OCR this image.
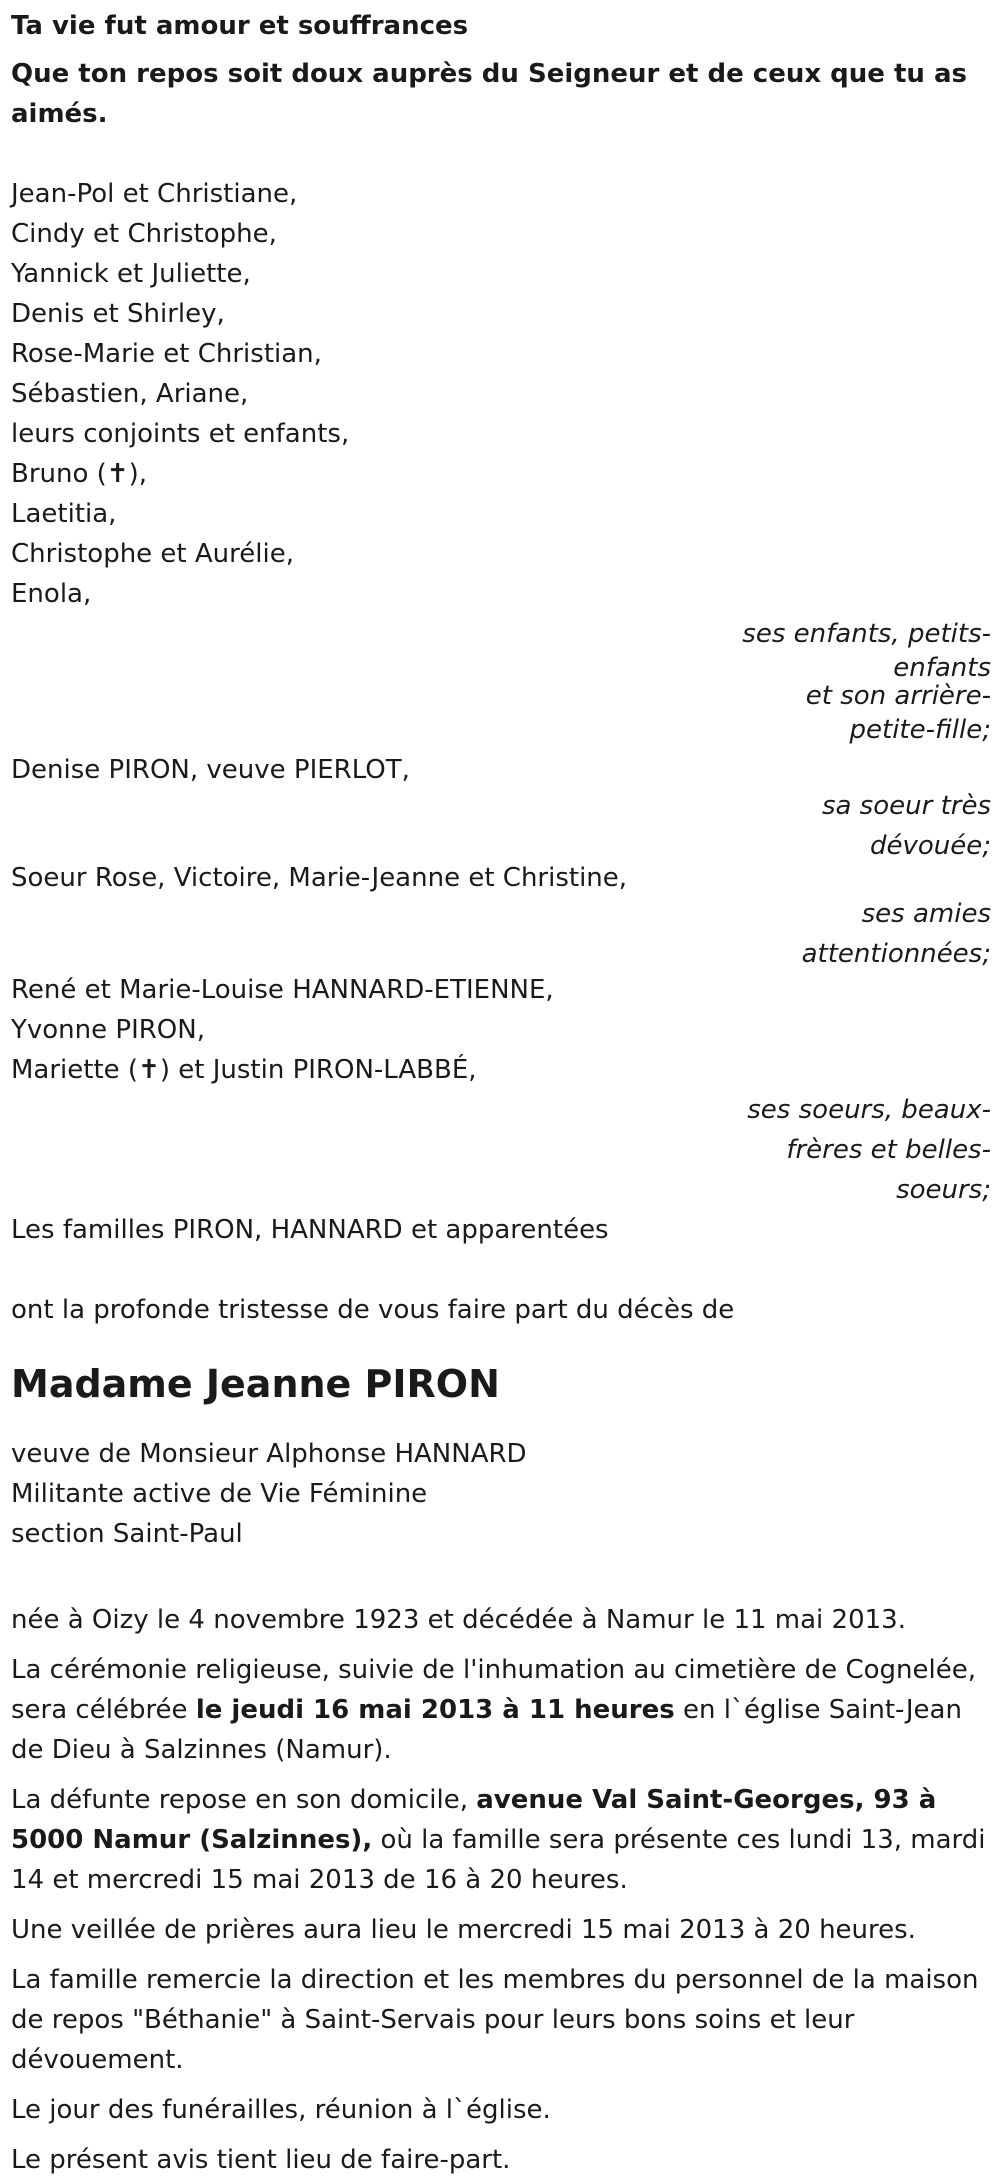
Ta vie fut amour et souffrances

Que ton repos soit doux auprès du Seigneur et de ceux que tu as
aimés.

Jean-Pol et Christiane,
Cindy et Christophe,
Yannick et Juliette,
Denis et Shirley,
Rose-Marie et Christian,
Sébastien, Ariane,
leurs conjoints et enfants,
Bruno (✝),
Laetitia,
Christophe et Aurélie,
Enola,
ses enfants, petits-
enfants
et son arrière-
petite-fille;
Denise PIRON, veuve PIERLOT,
sa soeur très
dévouée;
Soeur Rose, Victoire, Marie-Jeanne et Christine,
ses amies
attentionnées;
René et Marie-Louise HANNARD-ETIENNE,
Yvonne PIRON,
Mariette (✝) et Justin PIRON-LABBÉ,
ses soeurs, beaux-
frères et belles-
soeurs;
Les familles PIRON, HANNARD et apparentées
ont la profonde tristesse de vous faire part du décès de
Madame Jeanne PIRON
veuve de Monsieur Alphonse HANNARD
Militante active de Vie Féminine
section Saint-Paul

née à Oizy le 4 novembre 1923 et décédée à Namur le 11 mai 2013.

La cérémonie religieuse, suivie de l'inhumation au cimetière de Cognelée, sera célébrée le jeudi 16 mai 2013 à 11 heures en l`église Saint-Jean de Dieu à Salzinnes (Namur).

La défunte repose en son domicile, avenue Val Saint-Georges, 93 à 5000 Namur (Salzinnes), où la famille sera présente ces lundi 13, mardi 14 et mercredi 15 mai 2013 de 16 à 20 heures.

Une veillée de prières aura lieu le mercredi 15 mai 2013 à 20 heures.

La famille remercie la direction et les membres du personnel de la maison de repos "Béthanie" à Saint-Servais pour leurs bons soins et leur dévouement.

Le jour des funérailles, réunion à l`église.

Le présent avis tient lieu de faire-part.
